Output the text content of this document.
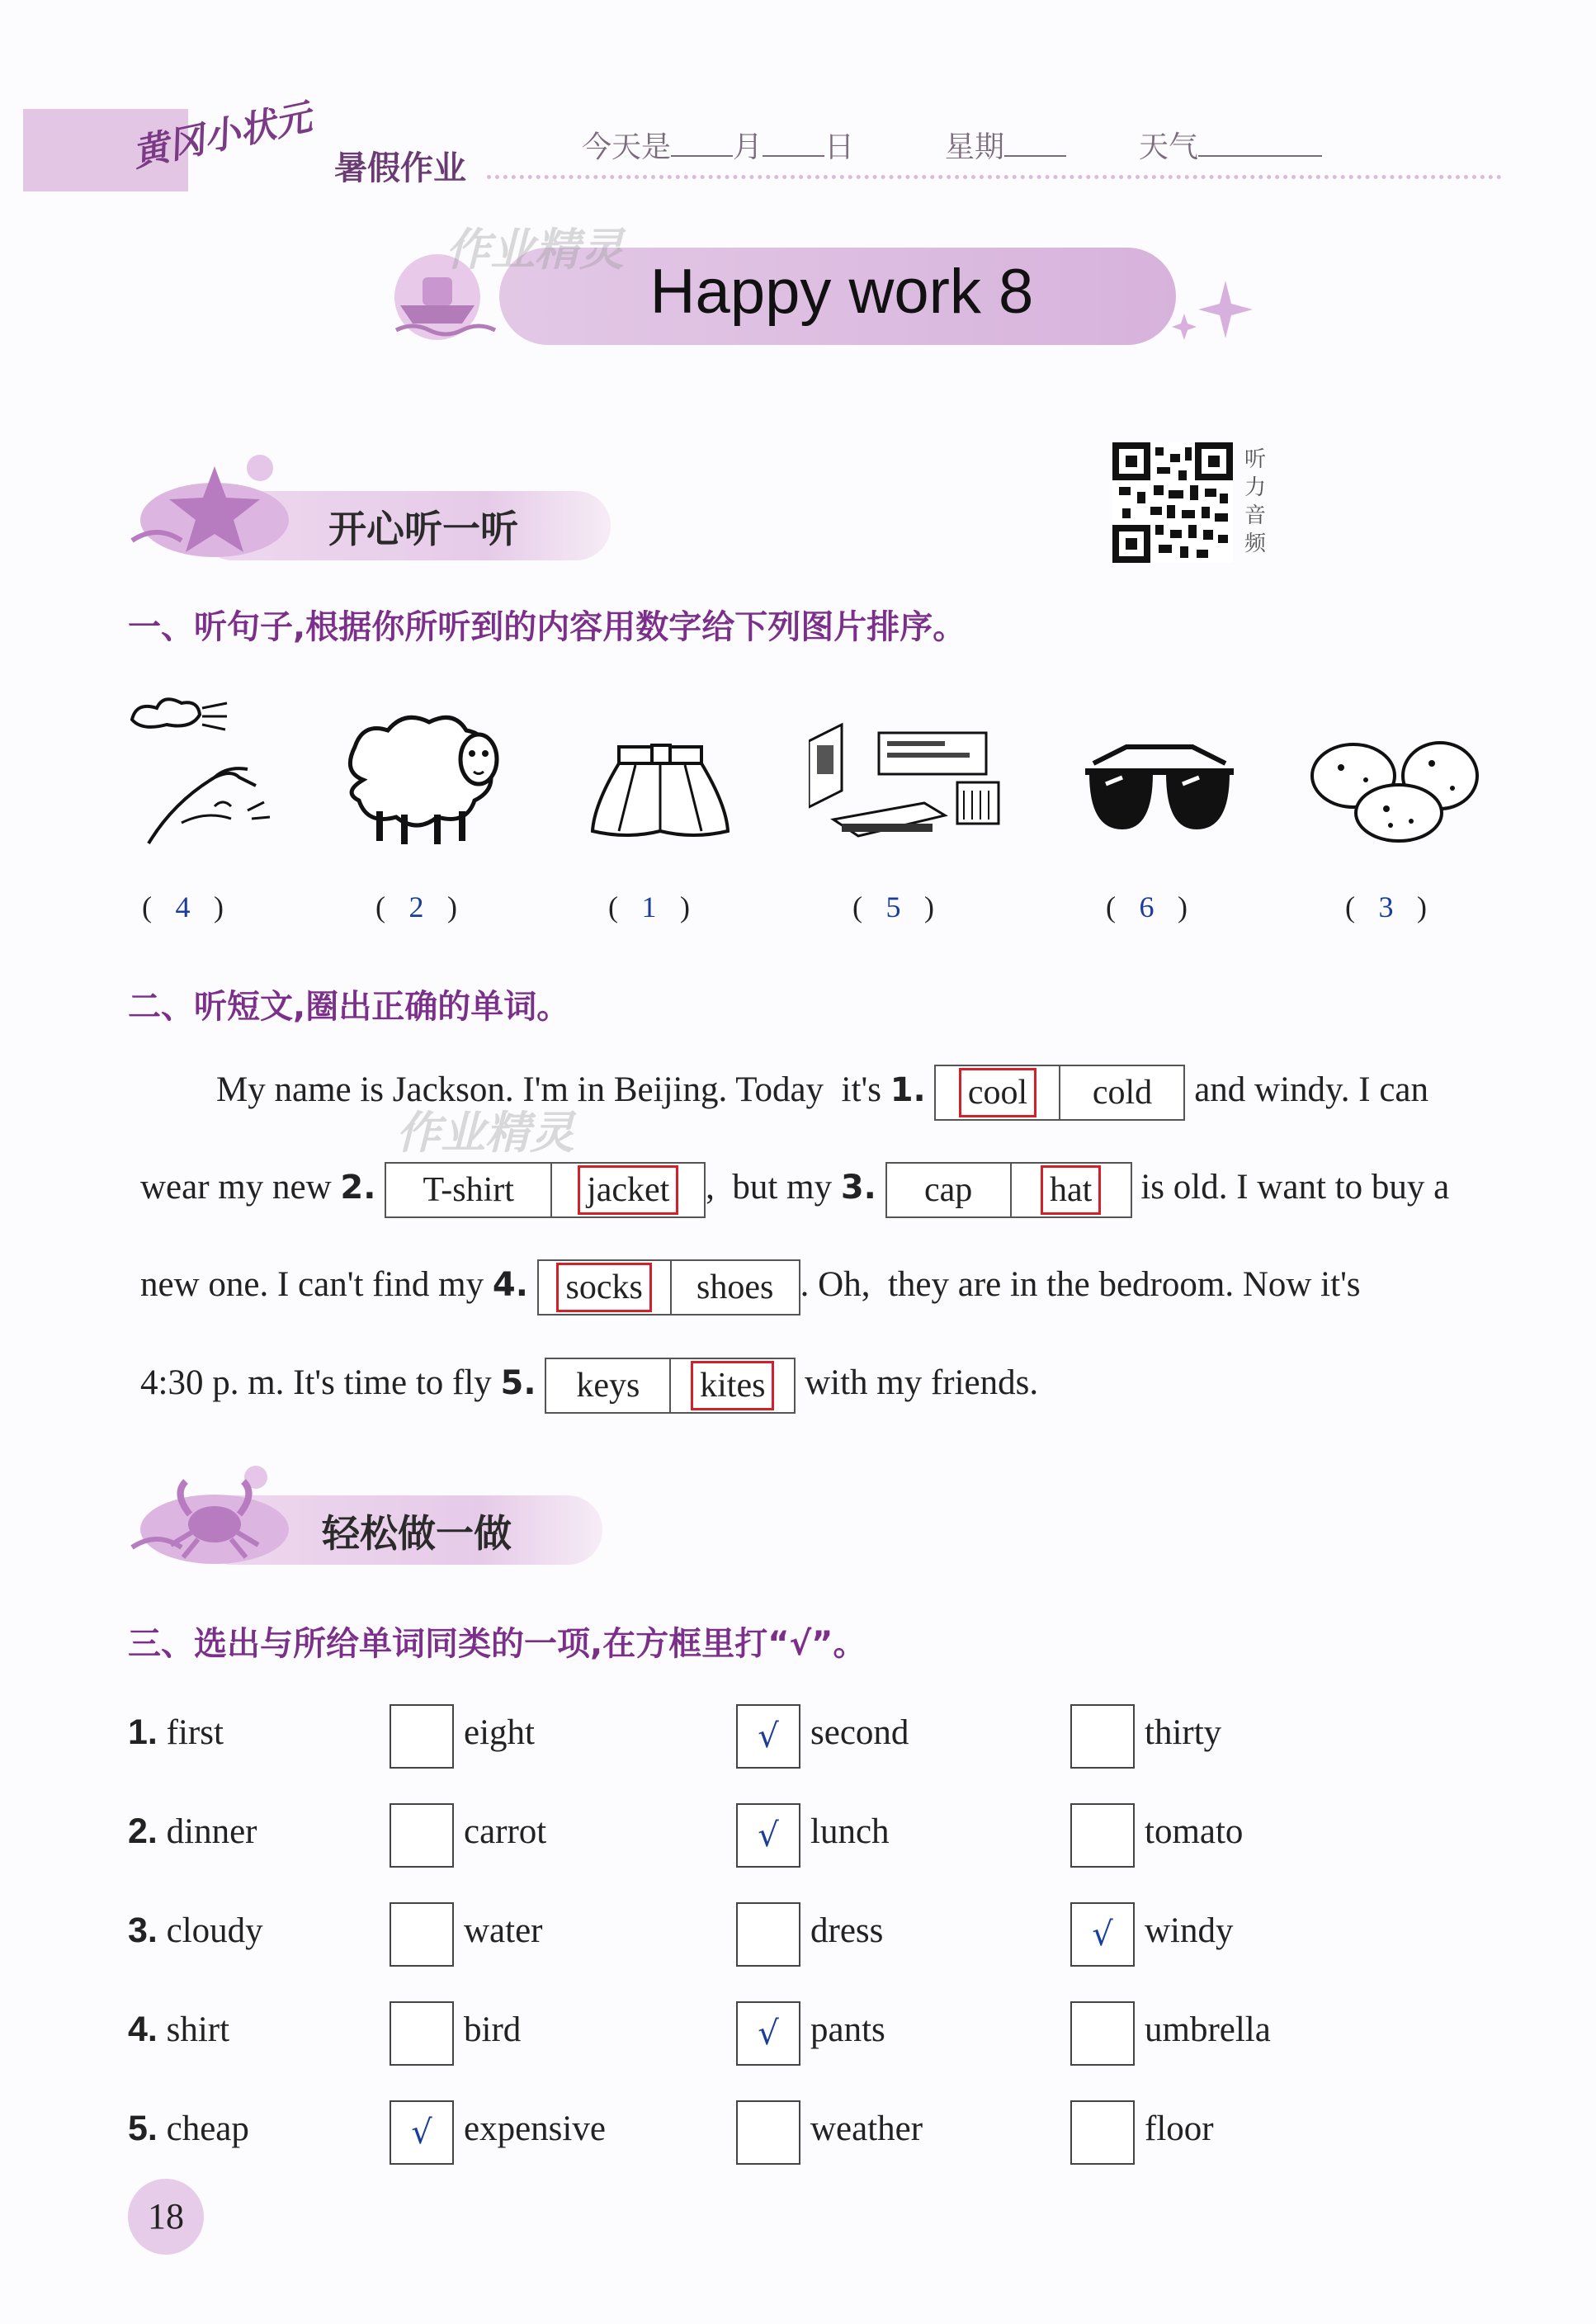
黄冈小状元 暑假作业
今天是 月 日	星期	天气
Happy work 8
作业精灵
开心听一听
听力音频
一、听句子,根据你所听到的内容用数字给下列图片排序。
( 4 )	( 2 )	( 1 )	( 5 )	( 6 )	( 3 )
二、听短文,圈出正确的单词。
My name is Jackson. I'm in Beijing. Today  it's 1. cool cold and windy. I can
wear my new 2. T-shirt jacket ,  but my 3. cap hat is old. I want to buy a
new one. I can't find my 4. socks shoes . Oh,  they are in the bedroom. Now it's
4:30 p. m. It's time to fly 5. keys kites with my friends.
作业精灵
轻松做一做
三、选出与所给单词同类的一项,在方框里打“√”。
1. first	eight	√ second	thirty
2. dinner	carrot	√ lunch	tomato
3. cloudy	water	dress	√ windy
4. shirt	bird	√ pants	umbrella
5. cheap	√ expensive	weather	floor
18
